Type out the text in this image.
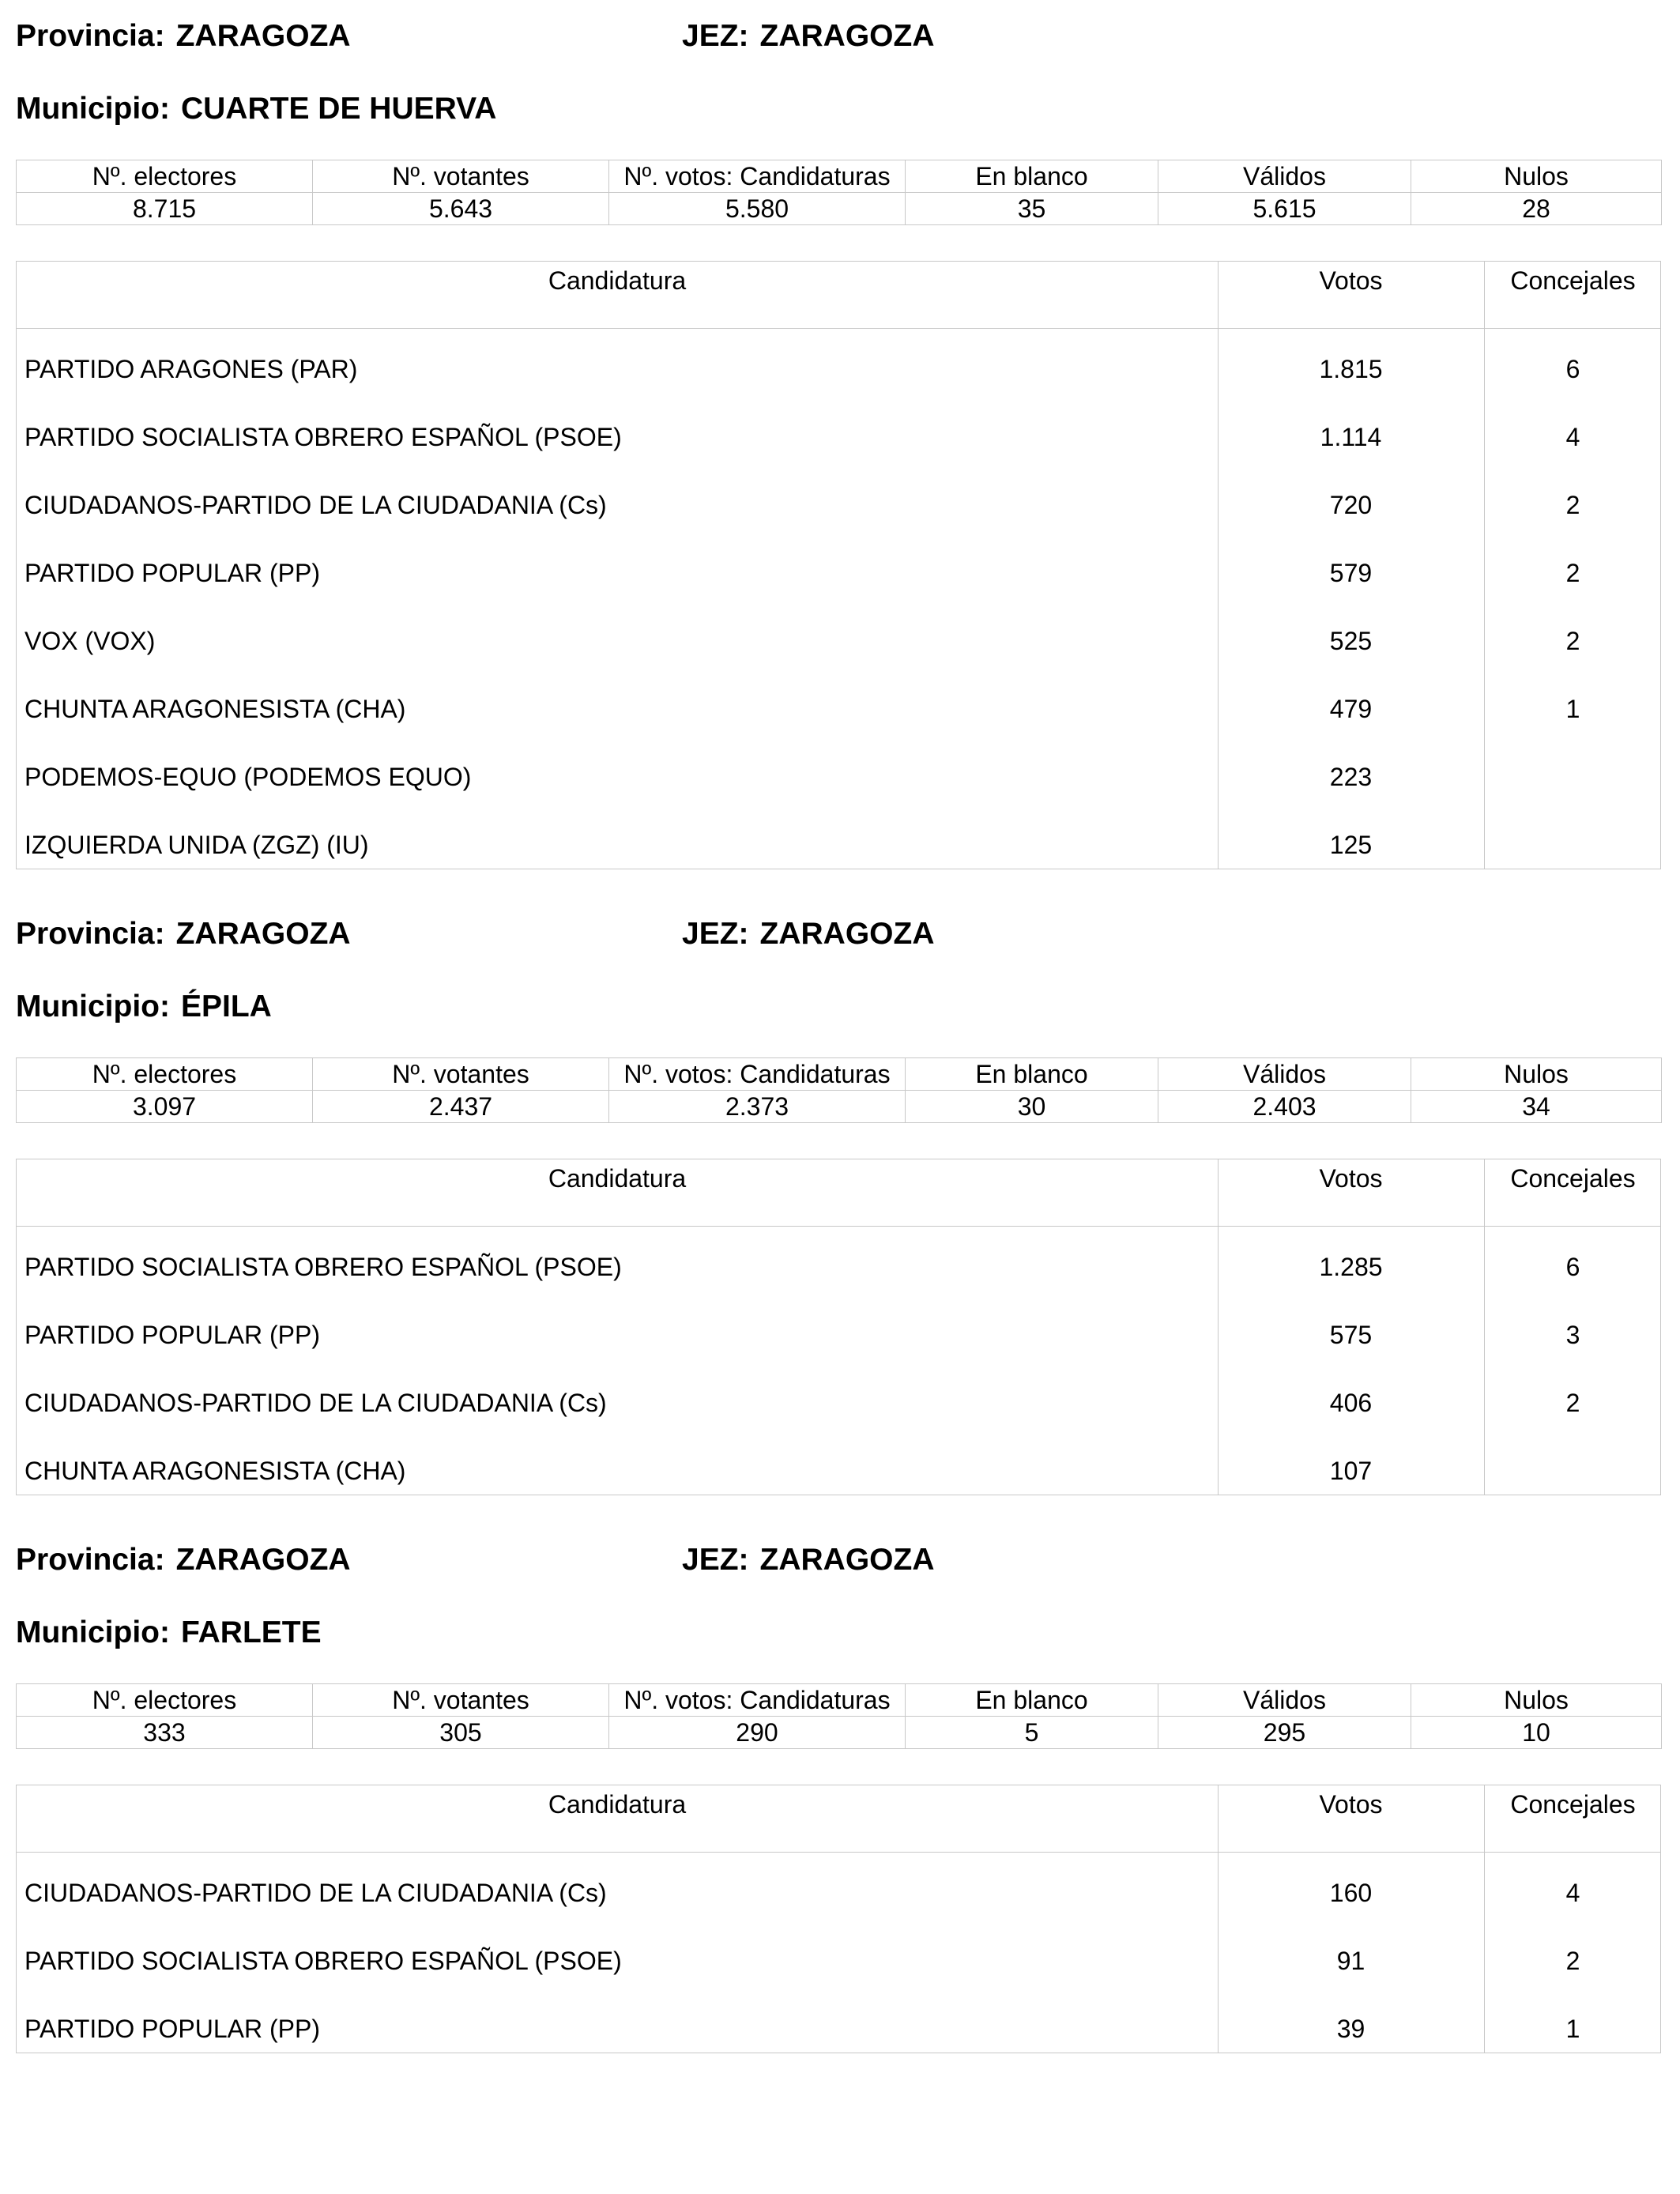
Provincia: ZARAGOZA	JEZ: ZARAGOZA
Municipio: CUARTE DE HUERVA
Nº. electores	Nº. votantes	Nº. votos: Candidaturas	En blanco	Válidos	Nulos
8.715	5.643	5.580	35	5.615	28
Candidatura	Votos	Concejales
PARTIDO ARAGONES (PAR)	1.815	6
PARTIDO SOCIALISTA OBRERO ESPAÑOL (PSOE)	1.114	4
CIUDADANOS-PARTIDO DE LA CIUDADANIA (Cs)	720	2
PARTIDO POPULAR (PP)	579	2
VOX (VOX)	525	2
CHUNTA ARAGONESISTA (CHA)	479	1
PODEMOS-EQUO (PODEMOS EQUO)	223
IZQUIERDA UNIDA (ZGZ) (IU)	125
Provincia: ZARAGOZA	JEZ: ZARAGOZA
Municipio: ÉPILA
Nº. electores	Nº. votantes	Nº. votos: Candidaturas	En blanco	Válidos	Nulos
3.097	2.437	2.373	30	2.403	34
Candidatura	Votos	Concejales
PARTIDO SOCIALISTA OBRERO ESPAÑOL (PSOE)	1.285	6
PARTIDO POPULAR (PP)	575	3
CIUDADANOS-PARTIDO DE LA CIUDADANIA (Cs)	406	2
CHUNTA ARAGONESISTA (CHA)	107
Provincia: ZARAGOZA	JEZ: ZARAGOZA
Municipio: FARLETE
Nº. electores	Nº. votantes	Nº. votos: Candidaturas	En blanco	Válidos	Nulos
333	305	290	5	295	10
Candidatura	Votos	Concejales
CIUDADANOS-PARTIDO DE LA CIUDADANIA (Cs)	160	4
PARTIDO SOCIALISTA OBRERO ESPAÑOL (PSOE)	91	2
PARTIDO POPULAR (PP)	39	1
